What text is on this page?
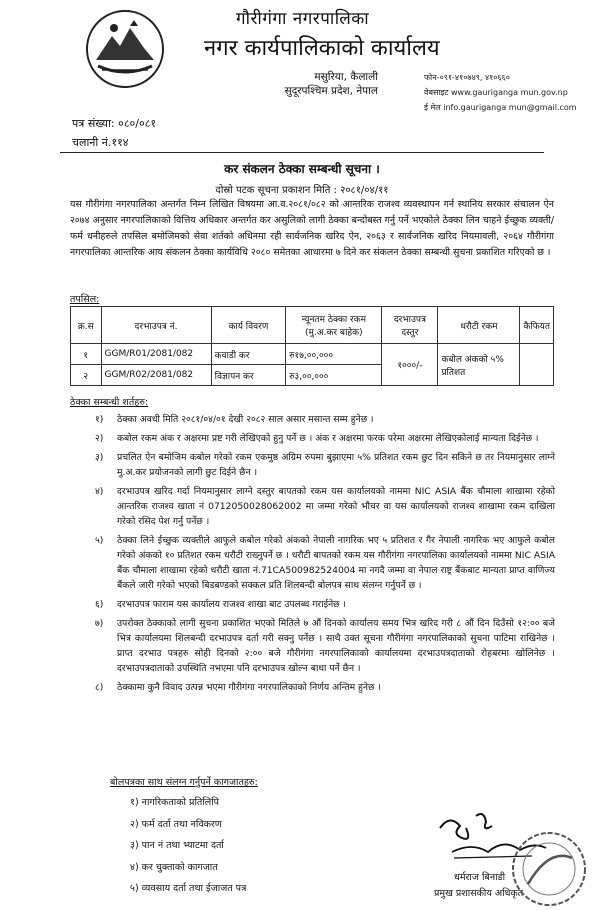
गौरीगंगा नगरपालिका
नगर कार्यपालिकाको कार्यालय
मसुरिया, कैलाली
सुदूरपश्चिम प्रदेश, नेपाल
फोन-०९१-४१०७४९, ४१०६६०
वेबसाइट www.gauriganga mun.gov.np
ई मेल info.gauriganga mun@gmail.com
पत्र संख्या: ०८०/०८१
चलानी नं.११४
कर संकलन ठेक्का सम्बन्धी सूचना ।
दोस्रो पटक सूचना प्रकाशन मिति : २०८१/०४/११
यस गौरीगंगा नगरपालिका अन्तर्गत निम्न लिखित विषयमा आ.व.२०८१/०८२ को आन्तरिक राजश्व व्यवस्थापन गर्न स्थानिय सरकार संचालन ऐन २०७४ अनुसार नगरपालिकाको वित्तिय अधिकार अन्तर्गत कर असुलिको लागी ठेक्का बन्दोबस्त गर्नु पर्ने भएकोले ठेक्का लिन चाहने ईच्छुक व्यक्ती/फर्म धनीहरुले तपसिल बमोजिमको सेवा शर्तको अधिनमा रही सार्वजनिक खरिद ऐन, २०६३ र सार्वजनिक खरिद नियमावली, २०६४ गौरीगंगा नगरपालिका आन्तरिक आय संकलन ठेक्का कार्यविधि २०८० समेतका आधारमा ७ दिने कर संकलन ठेक्का सम्बन्धी सुचना प्रकाशित गरिएको छ ।
तपसिल:
क्र.स	दरभाउपत्र नं.	कार्य विवरण	न्यूनतम ठेक्का रकम (मु.अ.कर बाहेक)	दरभाउपत्र दस्तुर	धरौटी रकम	कैफियत
१	GGM/R01/2081/082	कवाडी कर	रु१७,००,०००	१०००/-	कबोल अंकको ५% प्रतिशत	
२	GGM/R02/2081/082	विज्ञापन कर	रु३,००,०००			
ठेक्का सम्बन्धी शर्तहरु:
१)	ठेक्का अवधी मिति २०८१/०४/०१ देखी २०८२ साल असार मसान्त सम्म हुनेछ ।
२)	कबोल रकम अंक र अक्षरमा प्रष्ट गरी लेखिएको हुनु पर्ने छ । अंक र अक्षरमा फरक परेमा अक्षरमा लेखिएकोलाई मान्यता दिईनेछ ।
३)	प्रचलित ऐन बमोजिम कबोल गरेको रकम एकमुष्ठ अग्रिम रुपमा बुझाएमा ५% प्रतिशत रकम छुट दिन सकिने छ तर नियमानुसार लाग्ने मु.अ.कर प्रयोजनको लागी छुट दिईने छैन ।
४)	दरभाउपत्र खरिद गर्दा नियमानुसार लाग्ने दस्तुर बापतको रकम यस कार्यालयको नाममा NIC ASIA बैंक चौमाला शाखामा रहेको आन्तरिक राजश्व खाता नं 0712050028062002 मा जम्मा गरेको भौचर वा यस कार्यालयको राजश्व शाखामा रकम दाखिला गरेको रसिद पेश गर्नु पर्नेछ ।
५)	ठेक्का लिने ईच्छुक व्यक्तीले आफुले कबोल गरेको अंकको नेपाली नागरिक भए ५ प्रतिशत र गैर नेपाली नागरिक भए आफुले कबोल गरेको अंकको १० प्रतिशत रकम धरौटी राख्नुपर्ने छ । धरौटी बापतको रकम यस गौरीगंगा नगरपालिका कार्यालयको नाममा NIC ASIA बैंक चौमाला शाखामा रहेको धरौटी खाता नं.71CA500982524004 मा नगदै जम्मा वा नेपाल राष्ट्र बैंकबाट मान्यता प्राप्त वाणिज्य बैंकले जारी गरेको भएको बिडबण्डको सक्कल प्रति शिलबन्दी बोलपत्र साथ संलग्न गर्नुपर्ने छ ।
६)	दरभाउपत्र फाराम यस कार्यालय राजश्व शाखा बाट उपलब्ध गराईनेछ ।
७)	उपरोक्त ठेक्काको लागी सुचना प्रकाशित भएको मितिले ७ औं दिनको कार्यालय समय भित्र खरिद गरी ८ औं दिन दिउँसो १२:०० बजे भित्र कार्यालयमा शिलबन्दी दरभाउपत्र दर्ता गरी सक्नु पर्नेछ । साथै उक्त सूचना गौरीगंगा नगरपालिकाको सुचना पाटिमा राखिनेछ । प्राप्त दरभाउ पत्रहरु सोही दिनको २:०० बजे गौरीगंगा नगरपालिकाको कार्यालयमा दरभाउपत्रदाताको रोहबरमा खोलिनेछ । दरभाउपत्रदाताको उपस्थिति नभएमा पनि दरभाउपत्र खोल्न बाधा पर्ने छैन ।
८)	ठेक्कामा कुनै विवाद उत्पन्न भएमा गौरीगंगा नगरपालिकाको निर्णय अन्तिम हुनेछ ।
बोलपत्रका साथ संलग्न गर्नुपर्ने कागजातहरु:
१) नागरिकताको प्रतिलिपि
२) फर्म दर्ता तथा नविकरण
३) पान नं तथा भ्याटमा दर्ता
४) कर चुक्ताको कागजात
५) व्यवसाय दर्ता तथा ईजाजत पत्र
धर्मराज बिनाडी
प्रमुख प्रशासकीय अधिकृत
